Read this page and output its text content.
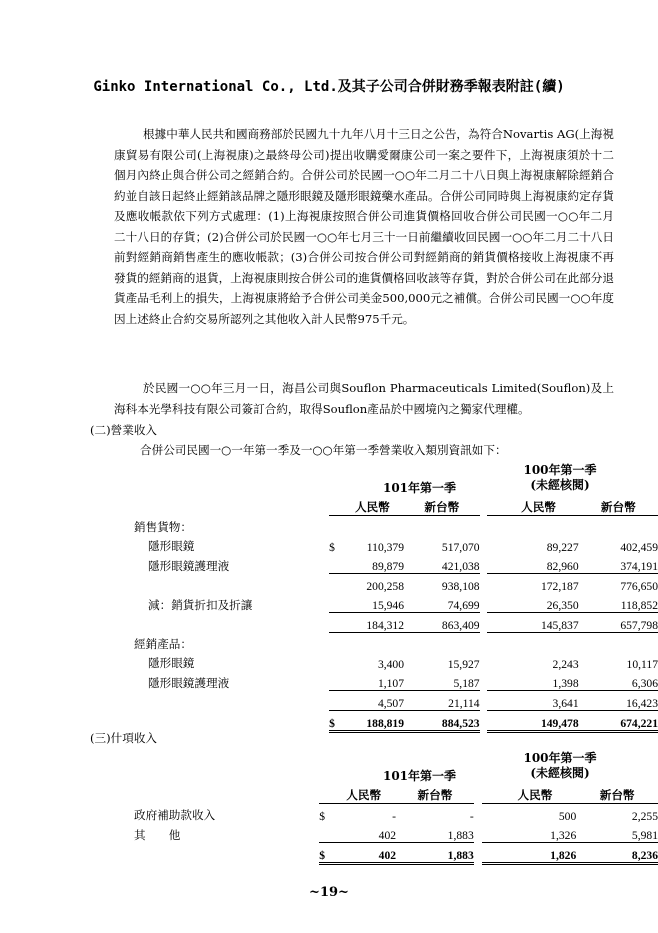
Ginko International Co., Ltd.及其子公司合併財務季報表附註(續)

根據中華人民共和國商務部於民國九十九年八月十三日之公告，為符合Novartis AG(上海視康貿易有限公司(上海視康)之最終母公司)提出收購愛爾康公司一案之要件下，上海視康須於十二個月內終止與合併公司之經銷合約。合併公司於民國一○○年二月二十八日與上海視康解除經銷合約並自該日起終止經銷該品牌之隱形眼鏡及隱形眼鏡藥水產品。合併公司同時與上海視康約定存貨及應收帳款依下列方式處理：(1)上海視康按照合併公司進貨價格回收合併公司民國一○○年二月二十八日的存貨；(2)合併公司於民國一○○年七月三十一日前繼續收回民國一○○年二月二十八日前對經銷商銷售產生的應收帳款；(3)合併公司按合併公司對經銷商的銷貨價格接收上海視康不再發貨的經銷商的退貨，上海視康則按合併公司的進貨價格回收該等存貨，對於合併公司在此部分退貨產品毛利上的損失，上海視康將給予合併公司美金500,000元之補償。合併公司民國一○○年度因上述終止合約交易所認列之其他收入計人民幣975千元。

於民國一○○年三月一日，海昌公司與Souflon Pharmaceuticals Limited(Souflon)及上海科本光學科技有限公司簽訂合約，取得Souflon產品於中國境內之獨家代理權。

(二)營業收入
合併公司民國一○一年第一季及一○○年第一季營業收入類別資訊如下：
101年第一季
100年第一季
(未經核閱)
		人民幣	新台幣			人民幣	新台幣
銷售貨物：							
隱形眼鏡	$	110,379	517,070			89,227	402,459
隱形眼鏡護理液		89,879	421,038			82,960	374,191
		200,258	938,108			172,187	776,650
減：銷貨折扣及折讓		15,946	74,699			26,350	118,852
		184,312	863,409			145,837	657,798
經銷產品：							
隱形眼鏡		3,400	15,927			2,243	10,117
隱形眼鏡護理液		1,107	5,187			1,398	6,306
		4,507	21,114			3,641	16,423
	$	188,819	884,523			149,478	674,221
(三)什項收入
101年第一季
100年第一季
(未經核閱)
		人民幣	新台幣			人民幣	新台幣
政府補助款收入	$	-	-			500	2,255
其　　他		402	1,883			1,326	5,981
	$	402	1,883			1,826	8,236
~19~
